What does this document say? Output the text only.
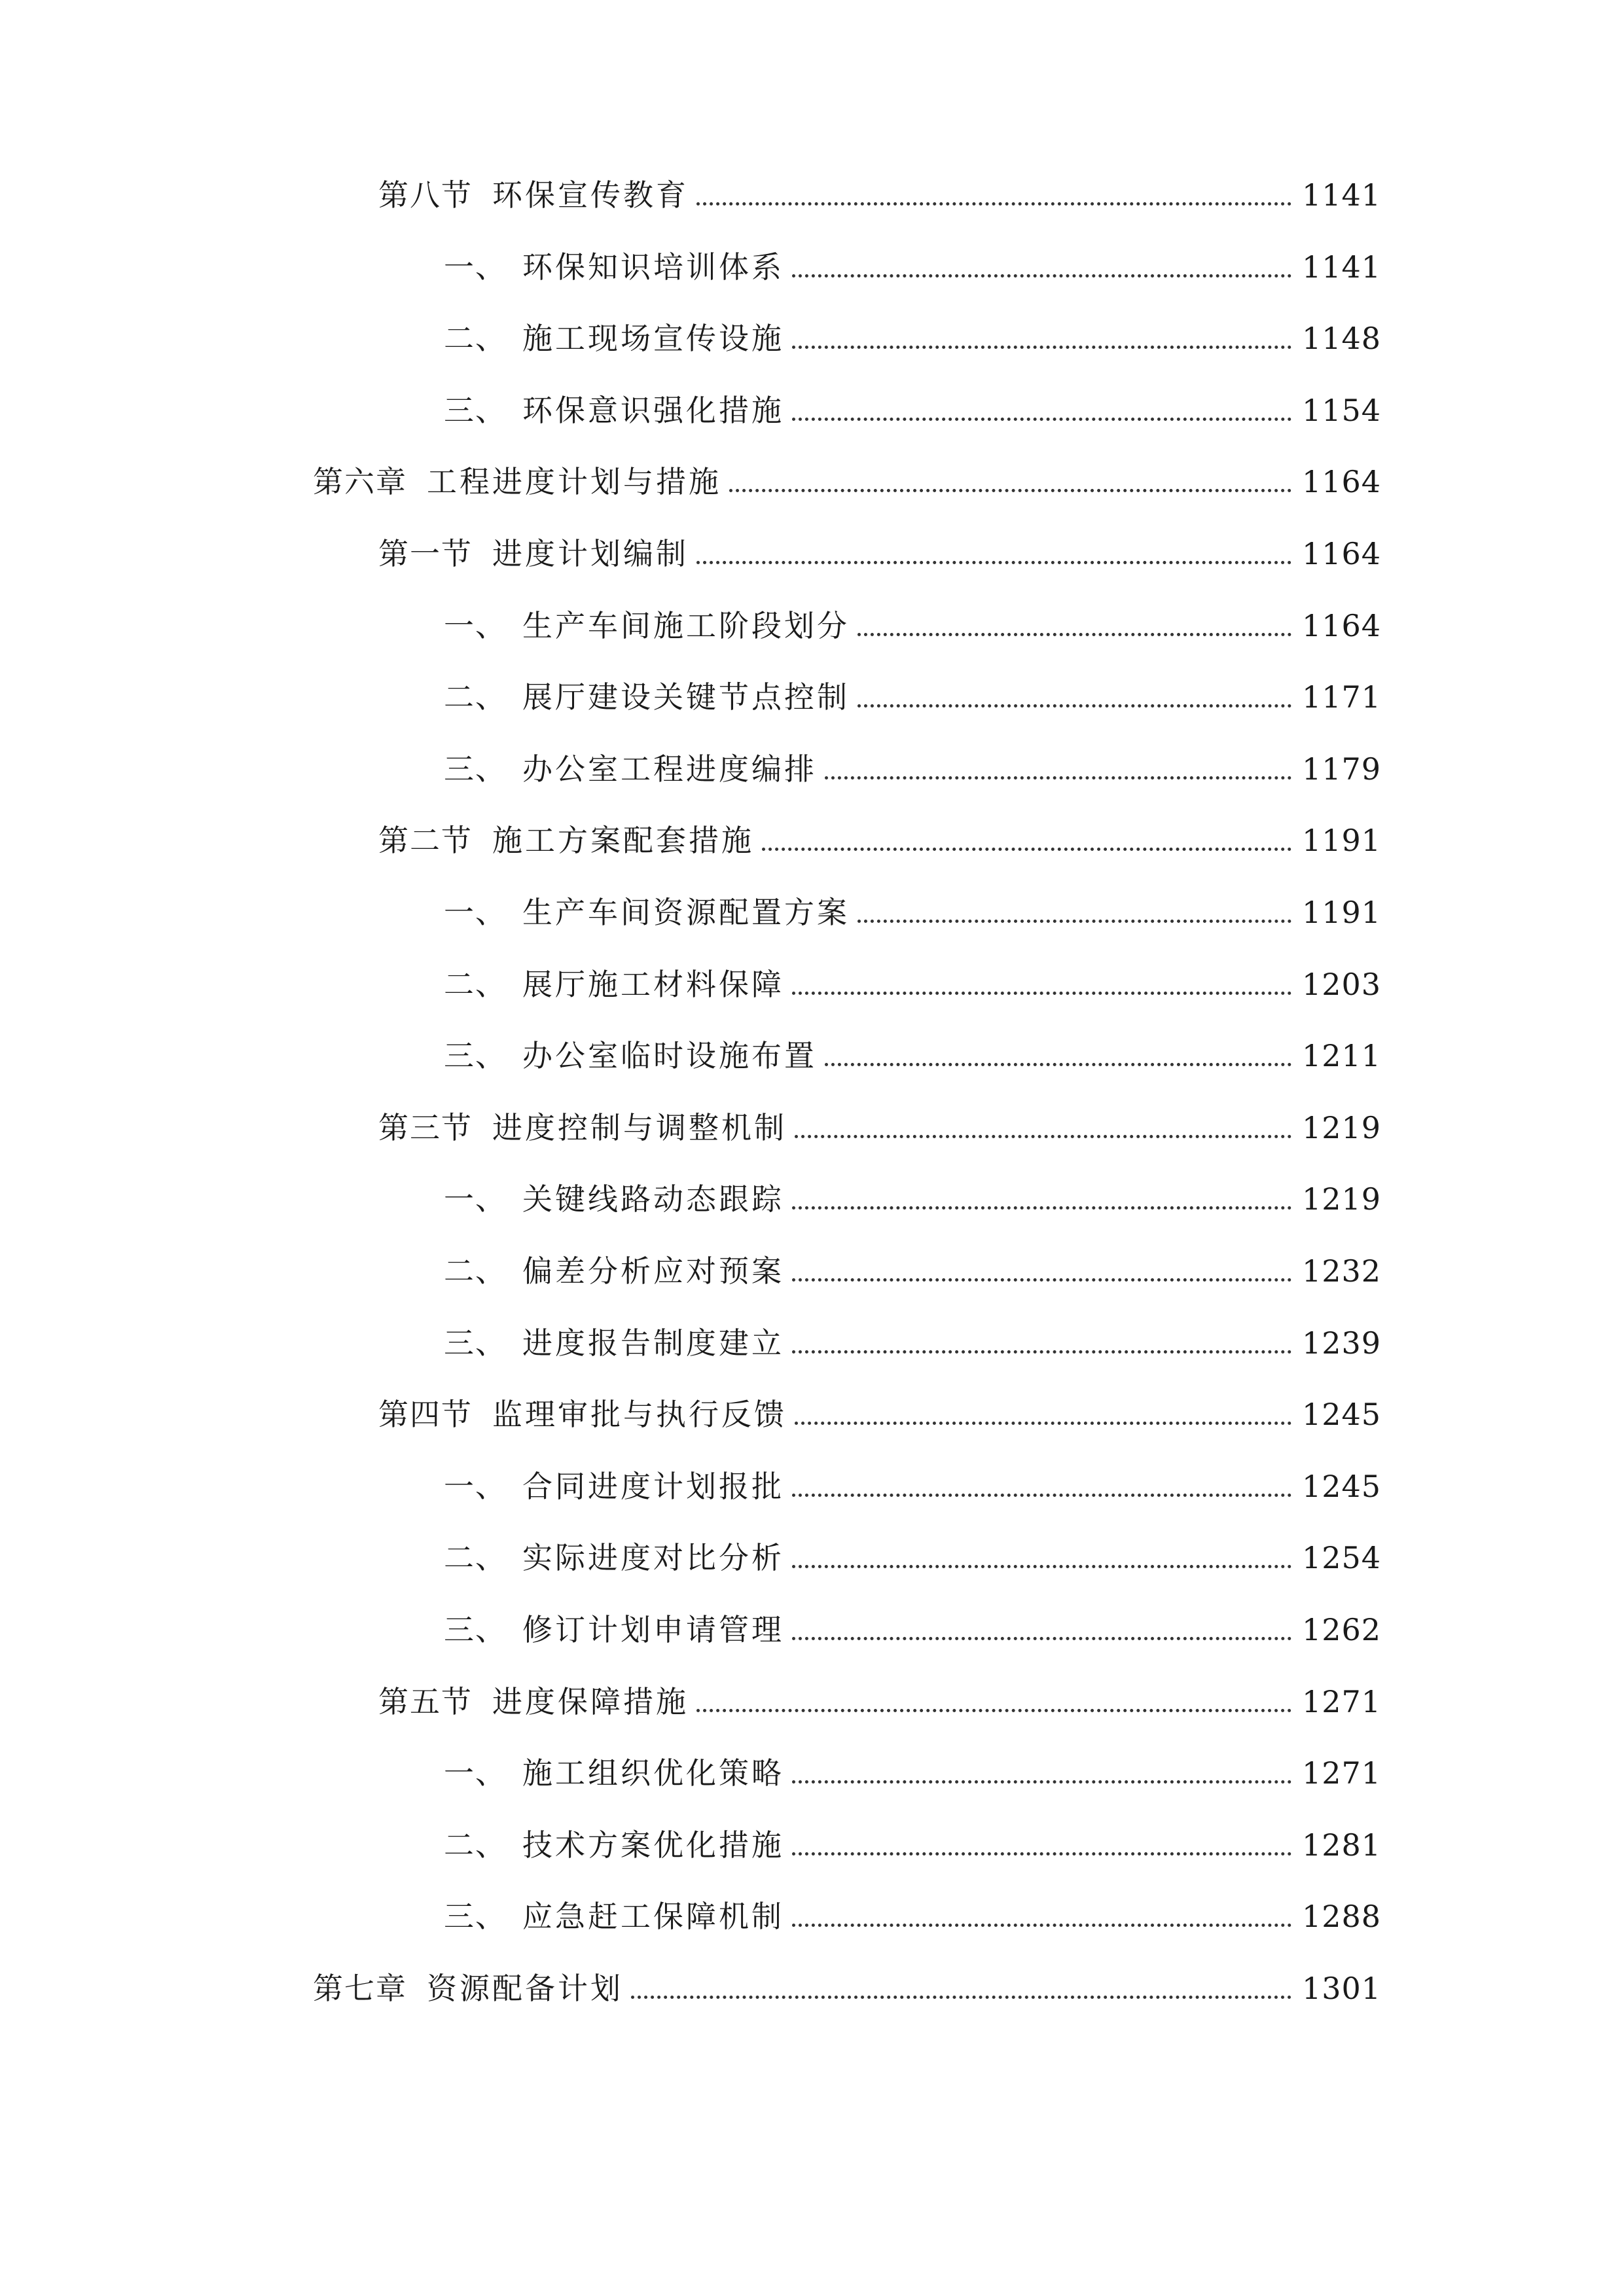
第八节 环保宣传教育	1141
一、 环保知识培训体系	1141
二、 施工现场宣传设施	1148
三、 环保意识强化措施	1154
第六章 工程进度计划与措施	1164
第一节 进度计划编制	1164
一、 生产车间施工阶段划分	1164
二、 展厅建设关键节点控制	1171
三、 办公室工程进度编排	1179
第二节 施工方案配套措施	1191
一、 生产车间资源配置方案	1191
二、 展厅施工材料保障	1203
三、 办公室临时设施布置	1211
第三节 进度控制与调整机制	1219
一、 关键线路动态跟踪	1219
二、 偏差分析应对预案	1232
三、 进度报告制度建立	1239
第四节 监理审批与执行反馈	1245
一、 合同进度计划报批	1245
二、 实际进度对比分析	1254
三、 修订计划申请管理	1262
第五节 进度保障措施	1271
一、 施工组织优化策略	1271
二、 技术方案优化措施	1281
三、 应急赶工保障机制	1288
第七章 资源配备计划	1301
